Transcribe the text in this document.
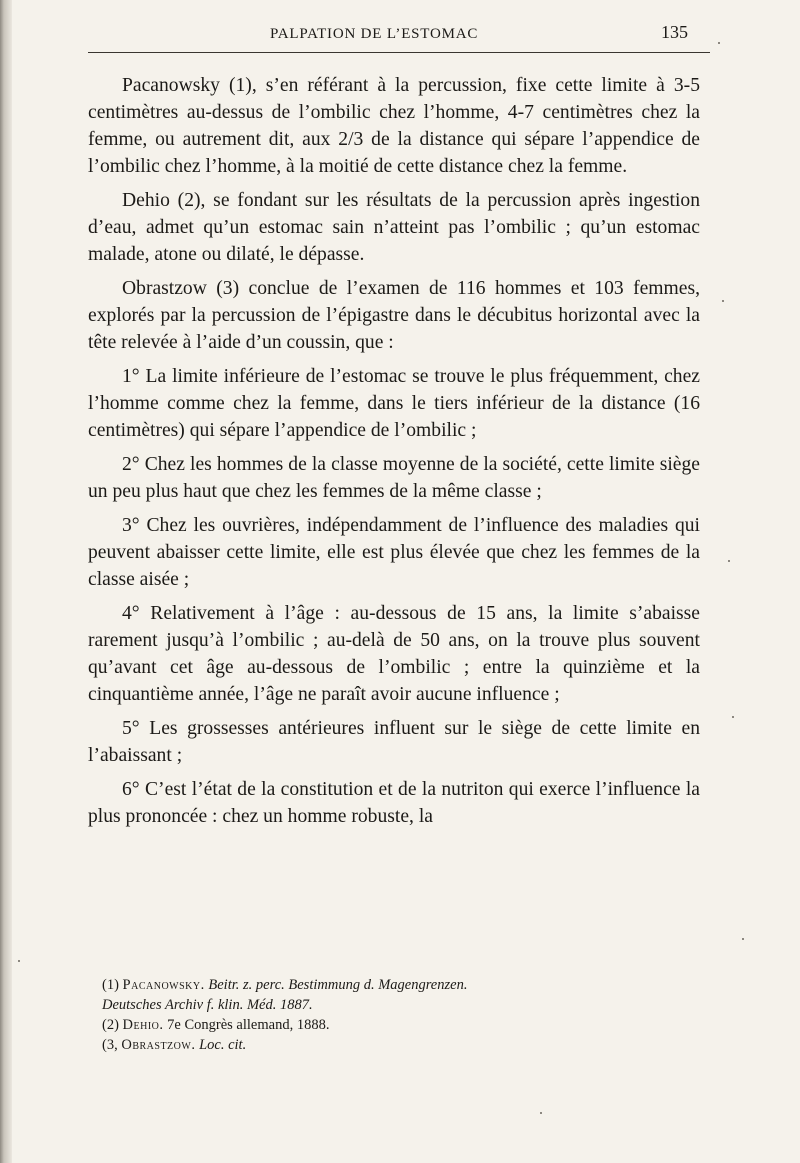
PALPATION DE L’ESTOMAC	135

Pacanowsky (1), s’en référant à la percussion, fixe cette limite à 3-5 centimètres au-dessus de l’ombilic chez l’homme, 4-7 centimètres chez la femme, ou autrement dit, aux 2/3 de la distance qui sépare l’appendice de l’ombilic chez l’homme, à la moitié de cette distance chez la femme.

Dehio (2), se fondant sur les résultats de la percussion après ingestion d’eau, admet qu’un estomac sain n’atteint pas l’ombilic ; qu’un estomac malade, atone ou dilaté, le dépasse.

Obrastzow (3) conclue de l’examen de 116 hommes et 103 femmes, explorés par la percussion de l’épigastre dans le décubitus horizontal avec la tête relevée à l’aide d’un coussin, que :

1° La limite inférieure de l’estomac se trouve le plus fréquemment, chez l’homme comme chez la femme, dans le tiers inférieur de la distance (16 centimètres) qui sépare l’appendice de l’ombilic ;

2° Chez les hommes de la classe moyenne de la société, cette limite siège un peu plus haut que chez les femmes de la même classe ;

3° Chez les ouvrières, indépendamment de l’influence des maladies qui peuvent abaisser cette limite, elle est plus élevée que chez les femmes de la classe aisée ;

4° Relativement à l’âge : au-dessous de 15 ans, la limite s’abaisse rarement jusqu’à l’ombilic ; au-delà de 50 ans, on la trouve plus souvent qu’avant cet âge au-dessous de l’ombilic ; entre la quinzième et la cinquantième année, l’âge ne paraît avoir aucune influence ;

5° Les grossesses antérieures influent sur le siège de cette limite en l’abaissant ;

6° C’est l’état de la constitution et de la nutriton qui exerce l’influence la plus prononcée : chez un homme robuste, la

(1) Pacanowsky. Beitr. z. perc. Bestimmung d. Magengrenzen.

Deutsches Archiv f. klin. Méd. 1887.

(2) Dehio. 7e Congrès allemand, 1888.

(3, Obrastzow. Loc. cit.
